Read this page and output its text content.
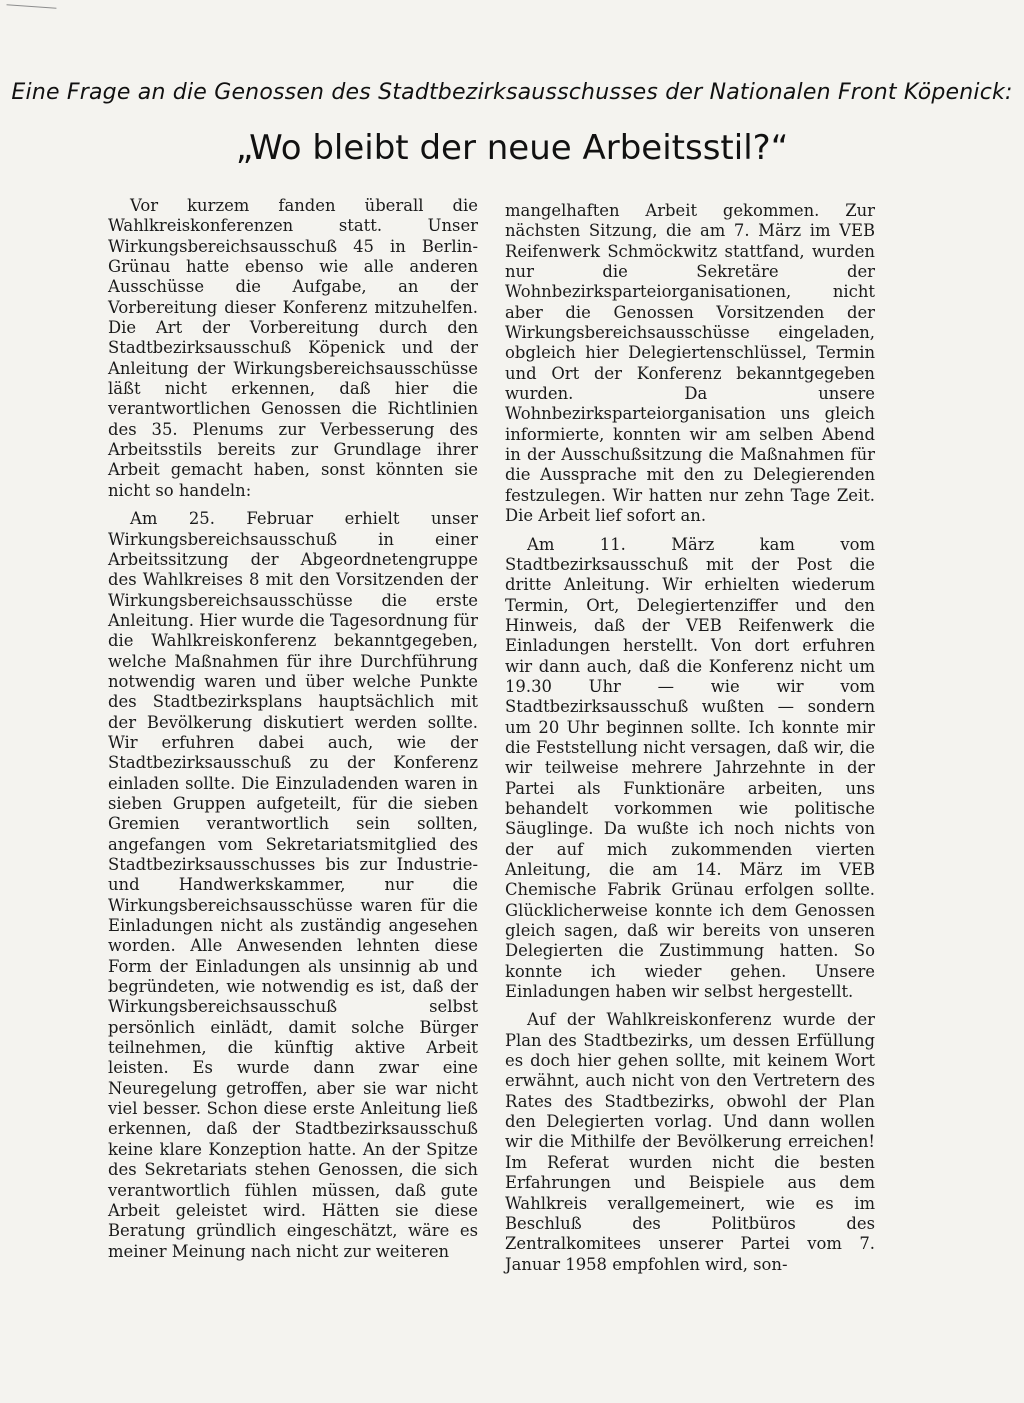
Eine Frage an die Genossen des Stadtbezirksausschusses der Nationalen Front Köpenick:
„Wo bleibt der neue Arbeitsstil?“

Vor kurzem fanden überall die Wahlkreiskonferenzen statt. Unser Wirkungsbereichsausschuß 45 in Berlin-Grünau hatte ebenso wie alle anderen Ausschüsse die Aufgabe, an der Vorbereitung dieser Konferenz mitzuhelfen. Die Art der Vorbereitung durch den Stadtbezirksausschuß Köpenick und der Anleitung der Wirkungsbereichsausschüsse läßt nicht erkennen, daß hier die verantwortlichen Genossen die Richtlinien des 35. Plenums zur Verbesserung des Arbeitsstils bereits zur Grundlage ihrer Arbeit gemacht haben, sonst könnten sie nicht so handeln:

Am 25. Februar erhielt unser Wirkungsbereichsausschuß in einer Arbeitssitzung der Abgeordnetengruppe des Wahlkreises 8 mit den Vorsitzenden der Wirkungsbereichsausschüsse die erste Anleitung. Hier wurde die Tagesordnung für die Wahlkreiskonferenz bekanntgegeben, welche Maßnahmen für ihre Durchführung notwendig waren und über welche Punkte des Stadtbezirksplans hauptsächlich mit der Bevölkerung diskutiert werden sollte. Wir erfuhren dabei auch, wie der Stadtbezirksausschuß zu der Konferenz einladen sollte. Die Einzuladenden waren in sieben Gruppen aufgeteilt, für die sieben Gremien verantwortlich sein sollten, angefangen vom Sekretariatsmitglied des Stadtbezirksausschusses bis zur Industrie- und Handwerkskammer, nur die Wirkungsbereichsausschüsse waren für die Einladungen nicht als zuständig angesehen worden. Alle Anwesenden lehnten diese Form der Einladungen als unsinnig ab und begründeten, wie notwendig es ist, daß der Wirkungsbereichsausschuß selbst persönlich einlädt, damit solche Bürger teilnehmen, die künftig aktive Arbeit leisten. Es wurde dann zwar eine Neuregelung getroffen, aber sie war nicht viel besser. Schon diese erste Anleitung ließ erkennen, daß der Stadtbezirksausschuß keine klare Konzeption hatte. An der Spitze des Sekretariats stehen Genossen, die sich verantwortlich fühlen müssen, daß gute Arbeit geleistet wird. Hätten sie diese Beratung gründlich eingeschätzt, wäre es meiner Meinung nach nicht zur weiteren

mangelhaften Arbeit gekommen. Zur nächsten Sitzung, die am 7. März im VEB Reifenwerk Schmöckwitz stattfand, wurden nur die Sekretäre der Wohnbezirksparteiorganisationen, nicht aber die Genossen Vorsitzenden der Wirkungsbereichsausschüsse eingeladen, obgleich hier Delegiertenschlüssel, Termin und Ort der Konferenz bekanntgegeben wurden. Da unsere Wohnbezirksparteiorganisation uns gleich informierte, konnten wir am selben Abend in der Ausschußsitzung die Maßnahmen für die Aussprache mit den zu Delegierenden festzulegen. Wir hatten nur zehn Tage Zeit. Die Arbeit lief sofort an.

Am 11. März kam vom Stadtbezirksausschuß mit der Post die dritte Anleitung. Wir erhielten wiederum Termin, Ort, Delegiertenziffer und den Hinweis, daß der VEB Reifenwerk die Einladungen herstellt. Von dort erfuhren wir dann auch, daß die Konferenz nicht um 19.30 Uhr — wie wir vom Stadtbezirksausschuß wußten — sondern um 20 Uhr beginnen sollte. Ich konnte mir die Feststellung nicht versagen, daß wir, die wir teilweise mehrere Jahrzehnte in der Partei als Funktionäre arbeiten, uns behandelt vorkommen wie politische Säuglinge. Da wußte ich noch nichts von der auf mich zukommenden vierten Anleitung, die am 14. März im VEB Chemische Fabrik Grünau erfolgen sollte. Glücklicherweise konnte ich dem Genossen gleich sagen, daß wir bereits von unseren Delegierten die Zustimmung hatten. So konnte ich wieder gehen. Unsere Einladungen haben wir selbst hergestellt.

Auf der Wahlkreiskonferenz wurde der Plan des Stadtbezirks, um dessen Erfüllung es doch hier gehen sollte, mit keinem Wort erwähnt, auch nicht von den Vertretern des Rates des Stadtbezirks, obwohl der Plan den Delegierten vorlag. Und dann wollen wir die Mithilfe der Bevölkerung erreichen! Im Referat wurden nicht die besten Erfahrungen und Beispiele aus dem Wahlkreis verallgemeinert, wie es im Beschluß des Politbüros des Zentralkomitees unserer Partei vom 7. Januar 1958 empfohlen wird, son-
